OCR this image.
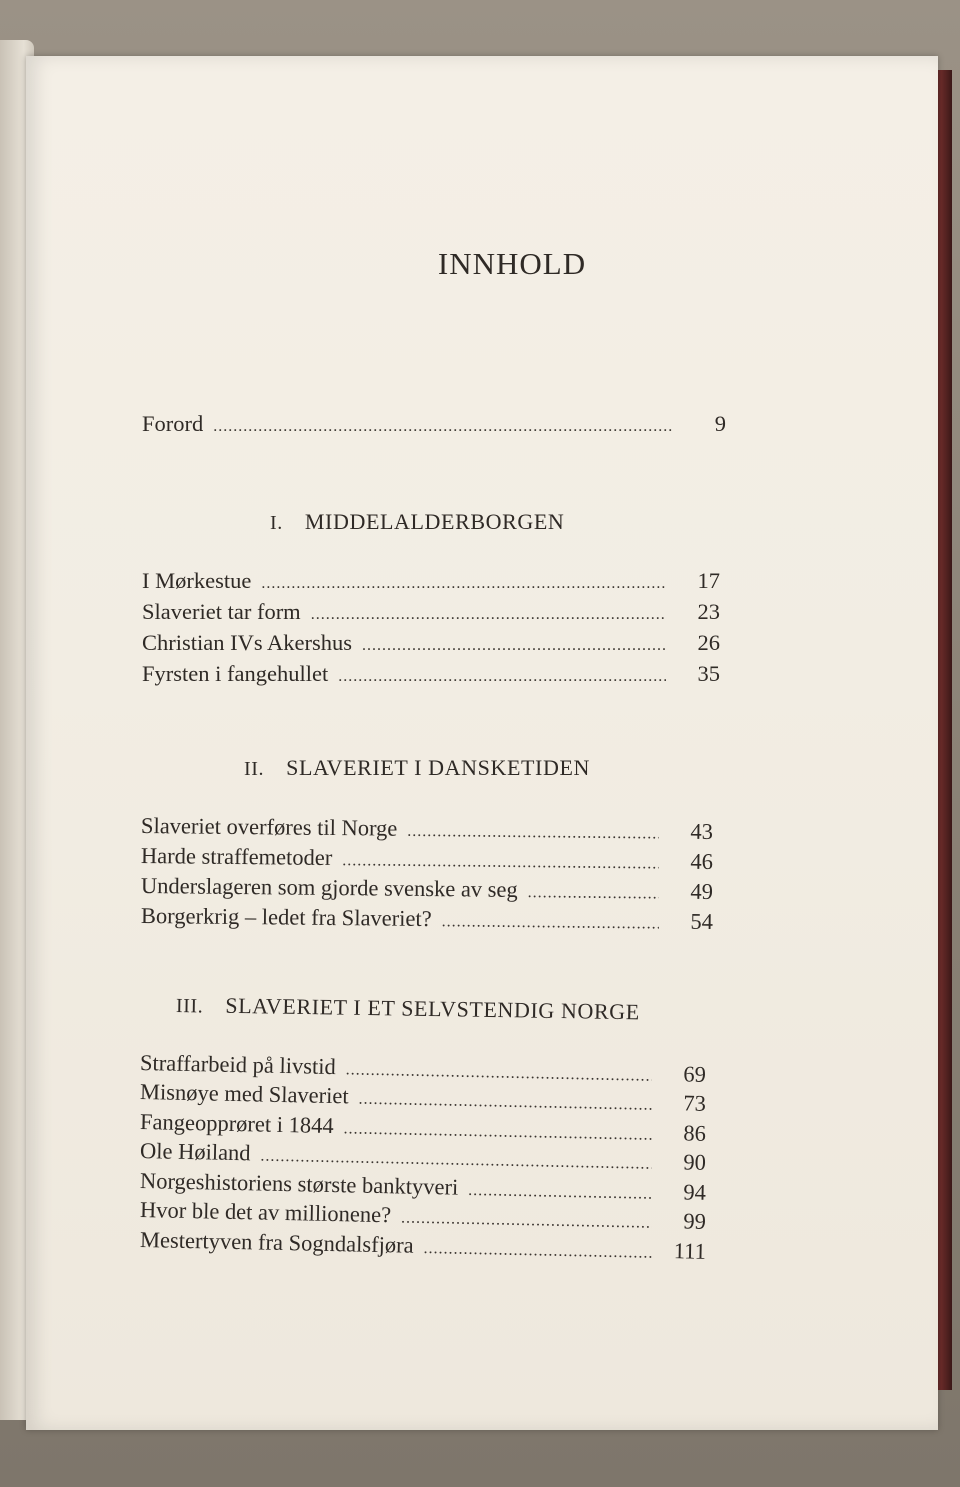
INNHOLD
Forord .....	9
I. MIDDELALDERBORGEN
I Mørkestue .....	17
Slaveriet tar form .....	23
Christian IVs Akershus .....	26
Fyrsten i fangehullet .....	35
II. SLAVERIET I DANSKETIDEN
Slaveriet overføres til Norge .....	43
Harde straffemetoder .....	46
Underslageren som gjorde svenske av seg .....	49
Borgerkrig – ledet fra Slaveriet? .....	54
III. SLAVERIET I ET SELVSTENDIG NORGE
Straffarbeid på livstid .....	69
Misnøye med Slaveriet .....	73
Fangeopprøret i 1844 .....	86
Ole Høiland .....	90
Norgeshistoriens største banktyveri .....	94
Hvor ble det av millionene? .....	99
Mestertyven fra Sogndalsfjøra .....	111
